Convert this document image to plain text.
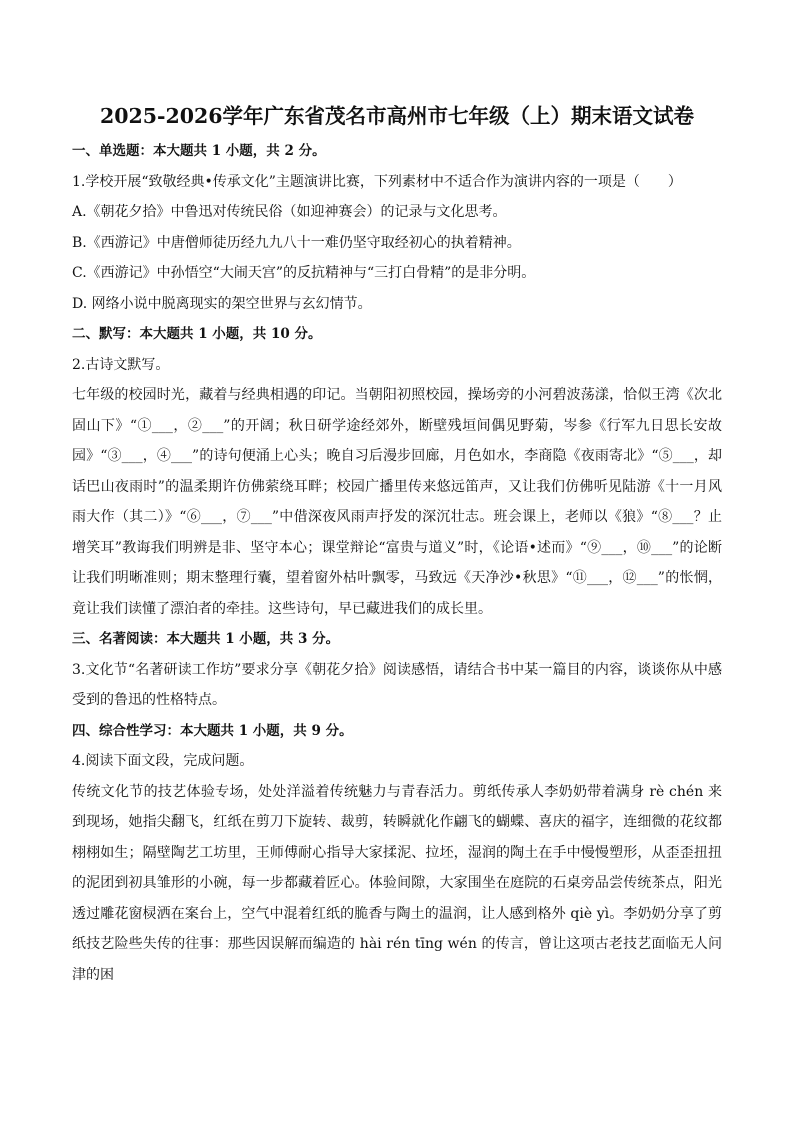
2025-2026学年广东省茂名市高州市七年级（上）期末语文试卷
一、单选题：本大题共 1 小题，共 2 分。
1.学校开展“致敬经典•传承文化”主题演讲比赛，下列素材中不适合作为演讲内容的一项是（　　）
A.《朝花夕拾》中鲁迅对传统民俗（如迎神赛会）的记录与文化思考。
B.《西游记》中唐僧师徒历经九九八十一难仍坚守取经初心的执着精神。
C.《西游记》中孙悟空“大闹天宫”的反抗精神与“三打白骨精”的是非分明。
D. 网络小说中脱离现实的架空世界与玄幻情节。
二、默写：本大题共 1 小题，共 10 分。
2.古诗文默写。
七年级的校园时光，藏着与经典相遇的印记。当朝阳初照校园，操场旁的小河碧波荡漾，恰似王湾《次北固山下》“①___，②___”的开阔；秋日研学途经郊外，断壁残垣间偶见野菊，岑参《行军九日思长安故园》“③___，④___”的诗句便涌上心头；晚自习后漫步回廊，月色如水，李商隐《夜雨寄北》“⑤___，却话巴山夜雨时”的温柔期许仿佛萦绕耳畔；校园广播里传来悠远笛声，又让我们仿佛听见陆游《十一月风雨大作（其二）》“⑥___，⑦___”中借深夜风雨声抒发的深沉壮志。班会课上，老师以《狼》“⑧___？止增笑耳”教诲我们明辨是非、坚守本心；课堂辩论“富贵与道义”时，《论语•述而》“⑨___，⑩___”的论断让我们明晰准则；期末整理行囊，望着窗外枯叶飘零，马致远《天净沙•秋思》“⑪___，⑫___”的怅惘，竟让我们读懂了漂泊者的牵挂。这些诗句，早已藏进我们的成长里。
三、名著阅读：本大题共 1 小题，共 3 分。
3.文化节“名著研读工作坊”要求分享《朝花夕拾》阅读感悟，请结合书中某一篇目的内容，谈谈你从中感受到的鲁迅的性格特点。
四、综合性学习：本大题共 1 小题，共 9 分。
4.阅读下面文段，完成问题。
传统文化节的技艺体验专场，处处洋溢着传统魅力与青春活力。剪纸传承人李奶奶带着满身 rè chén 来到现场，她指尖翻飞，红纸在剪刀下旋转、裁剪，转瞬就化作翩飞的蝴蝶、喜庆的福字，连细微的花纹都栩栩如生；隔壁陶艺工坊里，王师傅耐心指导大家揉泥、拉坯，湿润的陶土在手中慢慢塑形，从歪歪扭扭的泥团到初具雏形的小碗，每一步都藏着匠心。体验间隙，大家围坐在庭院的石桌旁品尝传统茶点，阳光透过雕花窗棂洒在案台上，空气中混着红纸的脆香与陶土的温润，让人感到格外 qiè yì。李奶奶分享了剪纸技艺险些失传的往事：那些因误解而编造的 hài rén tīng wén 的传言，曾让这项古老技艺面临无人问津的困
